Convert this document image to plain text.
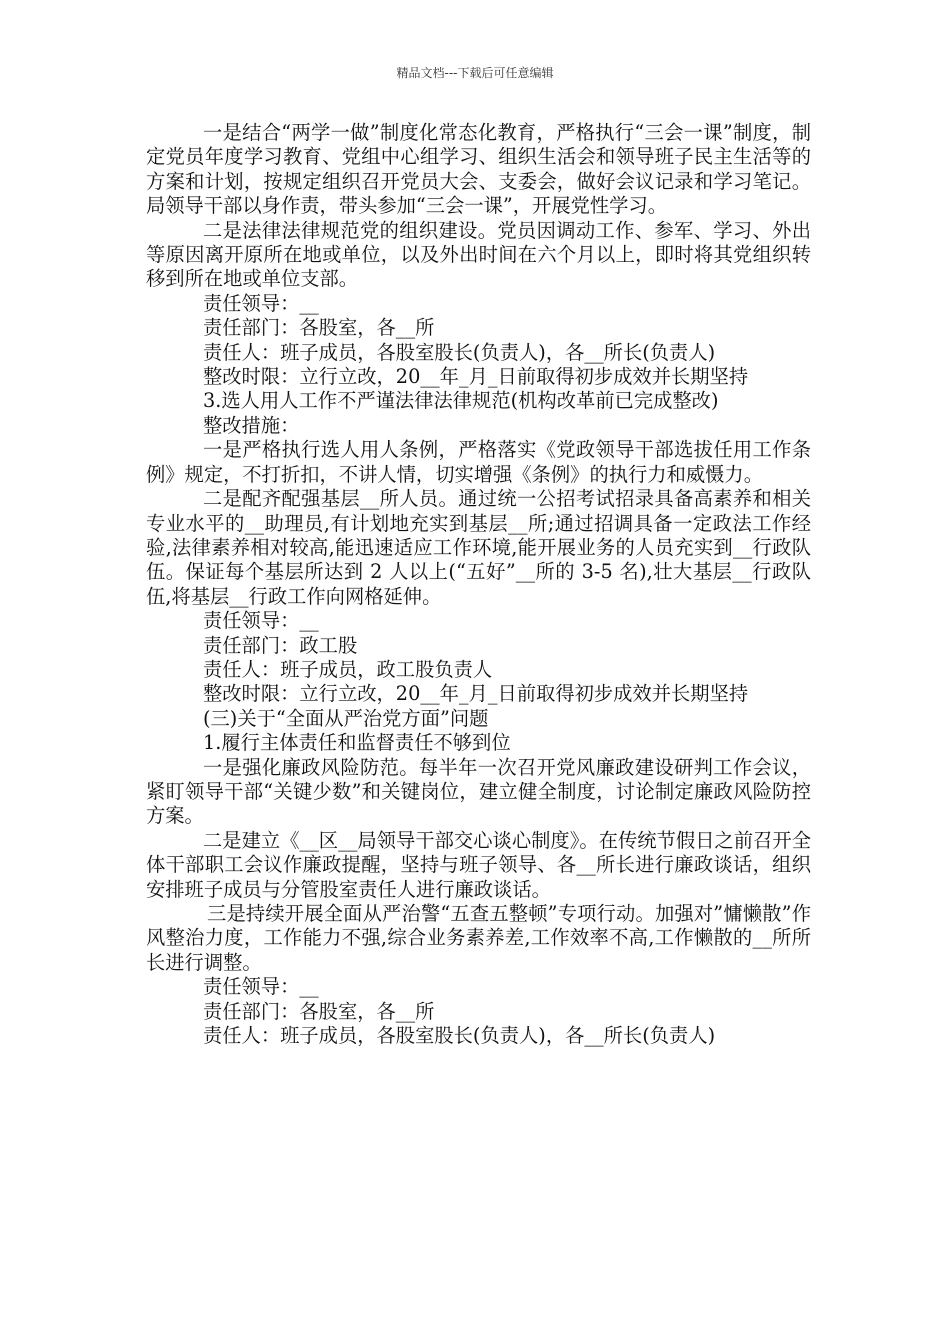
精品文档---下载后可任意编辑

一是结合“两学一做”制度化常态化教育，严格执行“三会一课”制度，制定党员年度学习教育、党组中心组学习、组织生活会和领导班子民主生活等的方案和计划，按规定组织召开党员大会、支委会，做好会议记录和学习笔记。局领导干部以身作责，带头参加“三会一课”，开展党性学习。

二是法律法律规范党的组织建设。党员因调动工作、参军、学习、外出等原因离开原所在地或单位，以及外出时间在六个月以上，即时将其党组织转移到所在地或单位支部。

责任领导：__

责任部门：各股室，各__所

责任人：班子成员，各股室股长(负责人)，各__所长(负责人)

整改时限：立行立改，20__年_月_日前取得初步成效并长期坚持

3.选人用人工作不严谨法律法律规范(机构改革前已完成整改)

整改措施：

一是严格执行选人用人条例，严格落实《党政领导干部选拔任用工作条例》规定，不打折扣，不讲人情，切实增强《条例》的执行力和威慑力。

二是配齐配强基层__所人员。通过统一公招考试招录具备高素养和相关专业水平的__助理员,有计划地充实到基层__所;通过招调具备一定政法工作经验,法律素养相对较高,能迅速适应工作环境,能开展业务的人员充实到__行政队伍。保证每个基层所达到 2 人以上(“五好”__所的 3-5 名),壮大基层__行政队伍,将基层__行政工作向网格延伸。

责任领导：__

责任部门：政工股

责任人：班子成员，政工股负责人

整改时限：立行立改，20__年_月_日前取得初步成效并长期坚持

(三)关于“全面从严治党方面”问题

1.履行主体责任和监督责任不够到位

一是强化廉政风险防范。每半年一次召开党风廉政建设研判工作会议，紧盯领导干部“关键少数”和关键岗位，建立健全制度，讨论制定廉政风险防控方案。

二是建立《__区__局领导干部交心谈心制度》。在传统节假日之前召开全体干部职工会议作廉政提醒，坚持与班子领导、各__所长进行廉政谈话，组织安排班子成员与分管股室责任人进行廉政谈话。

三是持续开展全面从严治警“五查五整顿”专项行动。加强对”慵懒散”作风整治力度，工作能力不强,综合业务素养差,工作效率不高,工作懒散的__所所长进行调整。

责任领导：__

责任部门：各股室，各__所

责任人：班子成员，各股室股长(负责人)，各__所长(负责人)
